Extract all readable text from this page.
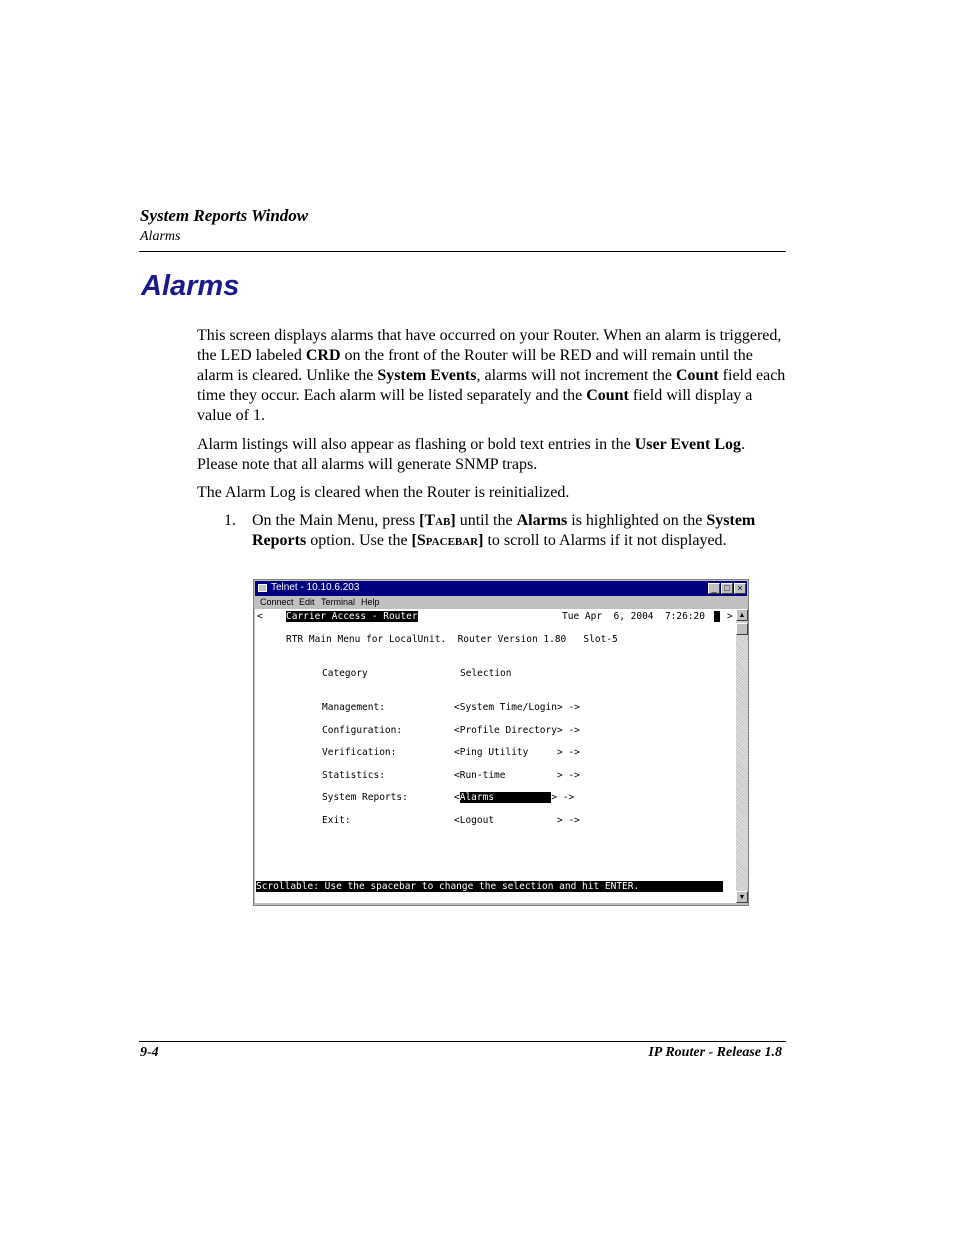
System Reports Window
Alarms
Alarms
This screen displays alarms that have occurred on your Router. When an alarm is triggered, the LED labeled CRD on the front of the Router will be RED and will remain until the alarm is cleared. Unlike the System Events, alarms will not increment the Count field each time they occur. Each alarm will be listed separately and the Count field will display a value of 1.
Alarm listings will also appear as flashing or bold text entries in the User Event Log. Please note that all alarms will generate SNMP traps.
The Alarm Log is cleared when the Router is reinitialized.
1. On the Main Menu, press [Tab] until the Alarms is highlighted on the System Reports option. Use the [Spacebar] to scroll to Alarms if it not displayed.
Telnet - 10.10.6.203	_ □ ×
Connect Edit Terminal Help
< Carrier Access - Router	Tue Apr  6, 2004  7:26:20 ​ >
RTR Main Menu for LocalUnit.  Router Version 1.80   Slot-5
Category	Selection
Management:	<System Time/Login> ->
Configuration:	<Profile Directory> ->
Verification:	<Ping Utility     > ->
Statistics:	<Run-time         > ->
System Reports:	<Alarms          > ->
Exit:	<Logout           > ->
Scrollable: Use the spacebar to change the selection and hit ENTER.
▲
▼
9-4	IP Router - Release 1.8
